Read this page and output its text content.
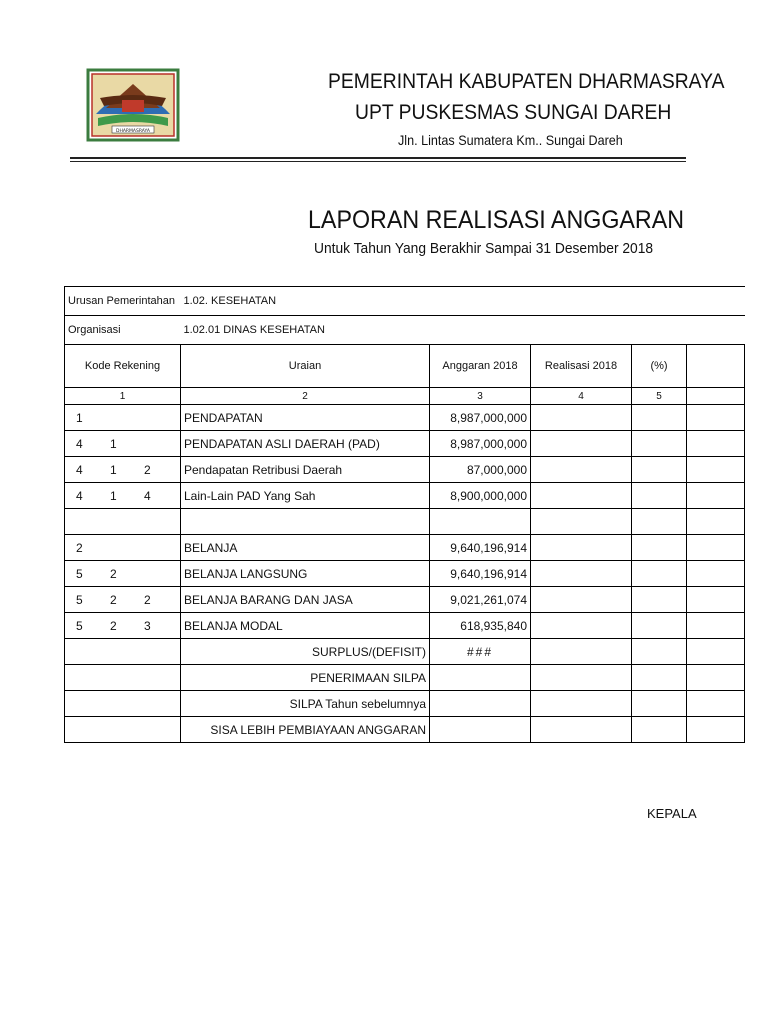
DHARMASRAYA
PEMERINTAH KABUPATEN DHARMASRAYA
UPT PUSKESMAS SUNGAI DAREH
Jln. Lintas Sumatera Km.. Sungai Dareh
LAPORAN REALISASI ANGGARAN
Untuk Tahun Yang Berakhir Sampai 31 Desember 2018
Urusan Pemerintahan	1.02. KESEHATAN				
Organisasi	1.02.01 DINAS KESEHATAN				
Kode Rekening	Uraian	Anggaran 2018	Realisasi 2018	(%)	
1	2	3	4	5	

1	PENDAPATAN	8,987,000,000			

4 1	PENDAPATAN ASLI DAERAH (PAD)	8,987,000,000			

4 1 2	Pendapatan Retribusi Daerah	87,000,000			

4 1 4	Lain-Lain PAD Yang Sah	8,900,000,000			

2	BELANJA	9,640,196,914			

5 2	BELANJA LANGSUNG	9,640,196,914			

5 2 2	BELANJA BARANG DAN JASA	9,021,261,074			

5 2 3	BELANJA MODAL	618,935,840			
	SURPLUS/(DEFISIT)	###			
	PENERIMAAN SILPA				
	SILPA Tahun sebelumnya				
	SISA LEBIH PEMBIAYAAN ANGGARAN				
KEPALA
